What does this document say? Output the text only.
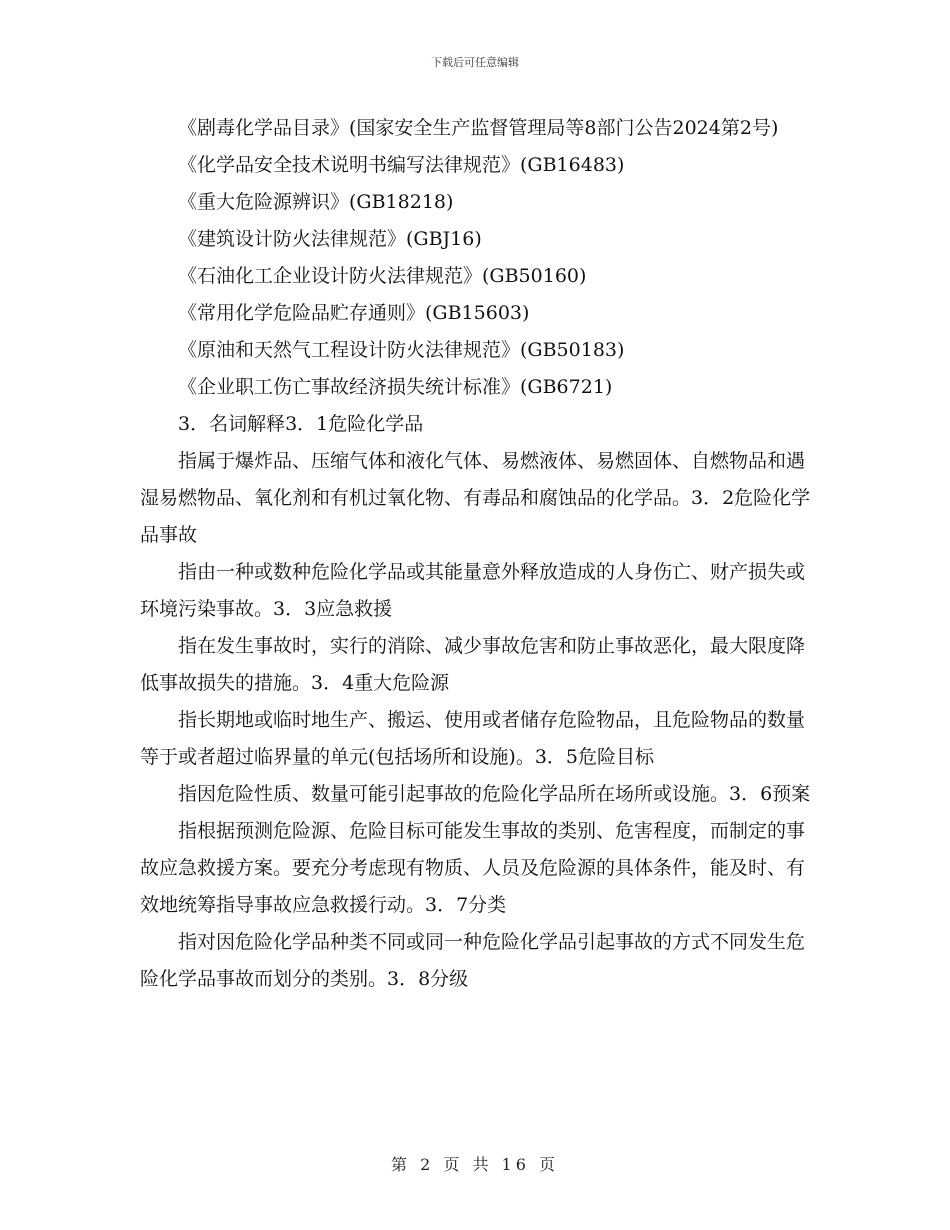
下载后可任意编辑

《剧毒化学品目录》(国家安全生产监督管理局等8部门公告2024第2号)

《化学品安全技术说明书编写法律规范》(GB16483)

《重大危险源辨识》(GB18218)

《建筑设计防火法律规范》(GBJ16)

《石油化工企业设计防火法律规范》(GB50160)

《常用化学危险品贮存通则》(GB15603)

《原油和天然气工程设计防火法律规范》(GB50183)

《企业职工伤亡事故经济损失统计标准》(GB6721)

3．名词解释3．1危险化学品

指属于爆炸品、压缩气体和液化气体、易燃液体、易燃固体、自燃物品和遇湿易燃物品、氧化剂和有机过氧化物、有毒品和腐蚀品的化学品。3．2危险化学品事故

指由一种或数种危险化学品或其能量意外释放造成的人身伤亡、财产损失或环境污染事故。3．3应急救援

指在发生事故时，实行的消除、减少事故危害和防止事故恶化，最大限度降低事故损失的措施。3．4重大危险源

指长期地或临时地生产、搬运、使用或者储存危险物品，且危险物品的数量等于或者超过临界量的单元(包括场所和设施)。3．5危险目标

指因危险性质、数量可能引起事故的危险化学品所在场所或设施。3．6预案

指根据预测危险源、危险目标可能发生事故的类别、危害程度，而制定的事故应急救援方案。要充分考虑现有物质、人员及危险源的具体条件，能及时、有效地统筹指导事故应急救援行动。3．7分类

指对因危险化学品种类不同或同一种危险化学品引起事故的方式不同发生危险化学品事故而划分的类别。3．8分级

第 2 页 共 16 页
